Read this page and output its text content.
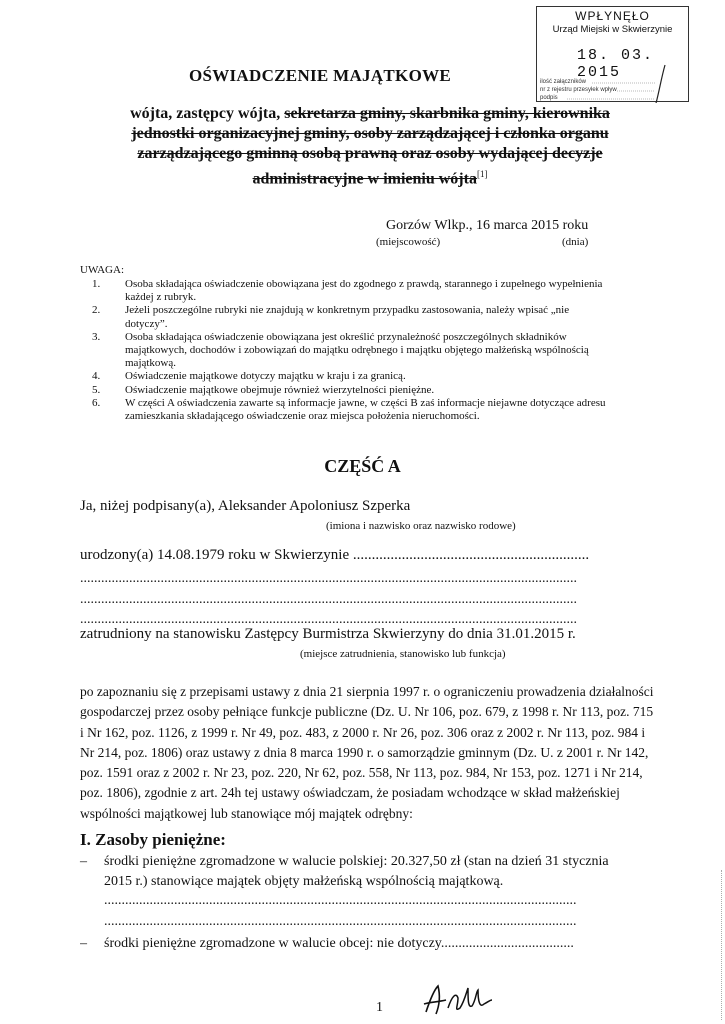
WPŁYNĘŁO
Urząd Miejski w Skwierzynie
18. 03. 2015
ilość załączników
nr z rejestru przesyłek wpływ
podpis
OŚWIADCZENIE MAJĄTKOWE
wójta, zastępcy wójta, sekretarza gminy, skarbnika gminy, kierownika
jednostki organizacyjnej gminy, osoby zarządzającej i członka organu
zarządzającego gminną osobą prawną oraz osoby wydającej decyzje
administracyjne w imieniu wójta[1]
Gorzów Wlkp., 16 marca 2015 roku
(miejscowość)	(dnia)
UWAGA:
1.	Osoba składająca oświadczenie obowiązana jest do zgodnego z prawdą, starannego i zupełnego wypełnienia
każdej z rubryk.
2.	Jeżeli poszczególne rubryki nie znajdują w konkretnym przypadku zastosowania, należy wpisać „nie
dotyczy”.
3.	Osoba składająca oświadczenie obowiązana jest określić przynależność poszczególnych składników
majątkowych, dochodów i zobowiązań do majątku odrębnego i majątku objętego małżeńską wspólnością
majątkową.
4.	Oświadczenie majątkowe dotyczy majątku w kraju i za granicą.
5.	Oświadczenie majątkowe obejmuje również wierzytelności pieniężne.
6.	W części A oświadczenia zawarte są informacje jawne, w części B zaś informacje niejawne dotyczące adresu
zamieszkania składającego oświadczenie oraz miejsca położenia nieruchomości.
CZĘŚĆ A
Ja, niżej podpisany(a), Aleksander Apoloniusz Szperka
(imiona i nazwisko oraz nazwisko rodowe)
urodzony(a) 14.08.1979 roku w Skwierzynie ...............................................................
..............................................................................................................................................
..............................................................................................................................................
..............................................................................................................................................
zatrudniony na stanowisku Zastępcy Burmistrza Skwierzyny do dnia 31.01.2015 r.
(miejsce zatrudnienia, stanowisko lub funkcja)
po zapoznaniu się z przepisami ustawy z dnia 21 sierpnia 1997 r. o ograniczeniu prowadzenia działalności
gospodarczej przez osoby pełniące funkcje publiczne (Dz. U. Nr 106, poz. 679, z 1998 r. Nr 113, poz. 715
i Nr 162, poz. 1126, z 1999 r. Nr 49, poz. 483, z 2000 r. Nr 26, poz. 306 oraz z 2002 r. Nr 113, poz. 984 i
Nr 214, poz. 1806) oraz ustawy z dnia 8 marca 1990 r. o samorządzie gminnym (Dz. U. z 2001 r. Nr 142,
poz. 1591 oraz z 2002 r. Nr 23, poz. 220, Nr 62, poz. 558, Nr 113, poz. 984, Nr 153, poz. 1271 i Nr 214,
poz. 1806), zgodnie z art. 24h tej ustawy oświadczam, że posiadam wchodzące w skład małżeńskiej
wspólności majątkowej lub stanowiące mój majątek odrębny:
I. Zasoby pieniężne:
–	środki pieniężne zgromadzone w walucie polskiej: 20.327,50 zł (stan na dzień 31 stycznia
2015 r.) stanowiące majątek objęty małżeńską wspólnością majątkową.
.......................................................................................................................................
.......................................................................................................................................
–	środki pieniężne zgromadzone w walucie obcej: nie dotyczy......................................
1
